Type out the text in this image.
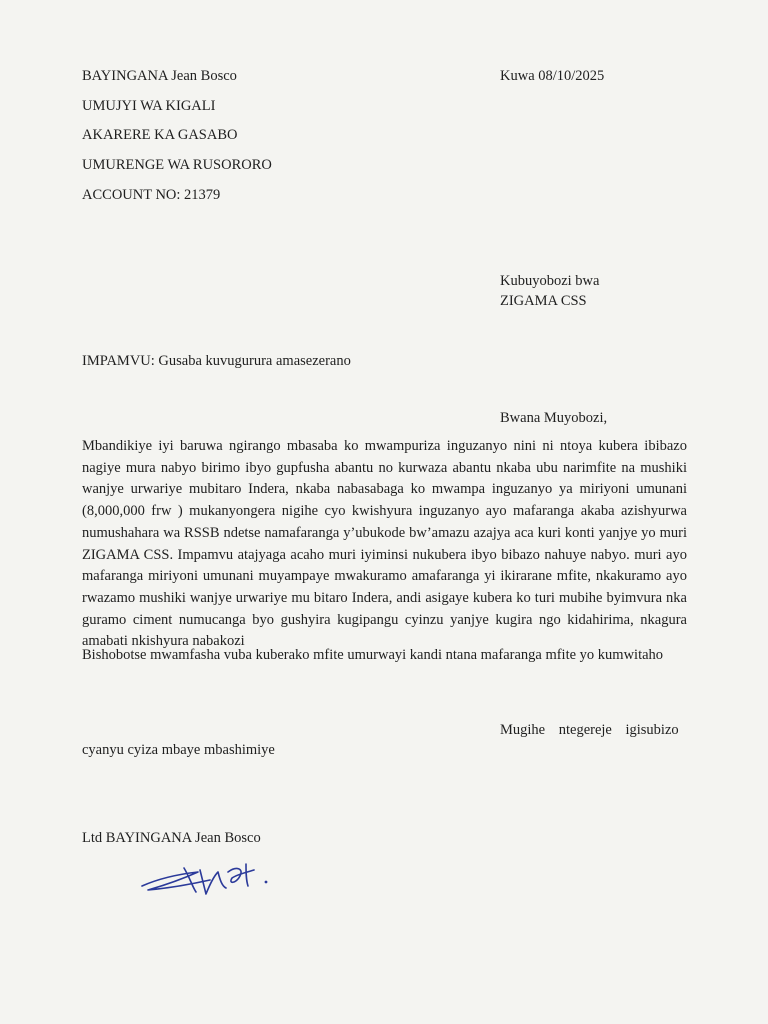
BAYINGANA Jean Bosco	Kuwa 08/10/2025
UMUJYI WA KIGALI
AKARERE KA GASABO
UMURENGE WA RUSORORO
ACCOUNT NO: 21379
Kubuyobozi bwa
ZIGAMA CSS
IMPAMVU: Gusaba kuvugurura amasezerano
Bwana Muyobozi,
Mbandikiye iyi baruwa ngirango mbasaba ko mwampuriza inguzanyo nini ni ntoya kubera ibibazo nagiye mura nabyo birimo ibyo gupfusha abantu no kurwaza abantu nkaba ubu narimfite na mushiki wanjye urwariye mubitaro Indera, nkaba nabasabaga ko mwampa inguzanyo ya miriyoni umunani (8,000,000 frw ) mukanyongera nigihe cyo kwishyura inguzanyo ayo mafaranga akaba azishyurwa numushahara wa RSSB ndetse namafaranga y’ubukode bw’amazu azajya aca kuri konti yanjye yo muri ZIGAMA CSS. Impamvu atajyaga acaho muri iyiminsi nukubera ibyo bibazo nahuye nabyo. muri ayo mafaranga miriyoni umunani muyampaye mwakuramo amafaranga yi ikirarane mfite, nkakuramo ayo rwazamo mushiki wanjye urwariye mu bitaro Indera, andi asigaye kubera ko turi mubihe byimvura nka guramo ciment numucanga byo gushyira kugipangu cyinzu yanjye kugira ngo kidahirima, nkagura amabati nkishyura nabakozi
Bishobotse mwamfasha vuba kuberako mfite umurwayi kandi ntana mafaranga mfite yo kumwitaho
Mugihe ntegereje igisubizo
cyanyu cyiza mbaye mbashimiye
Ltd BAYINGANA Jean Bosco
